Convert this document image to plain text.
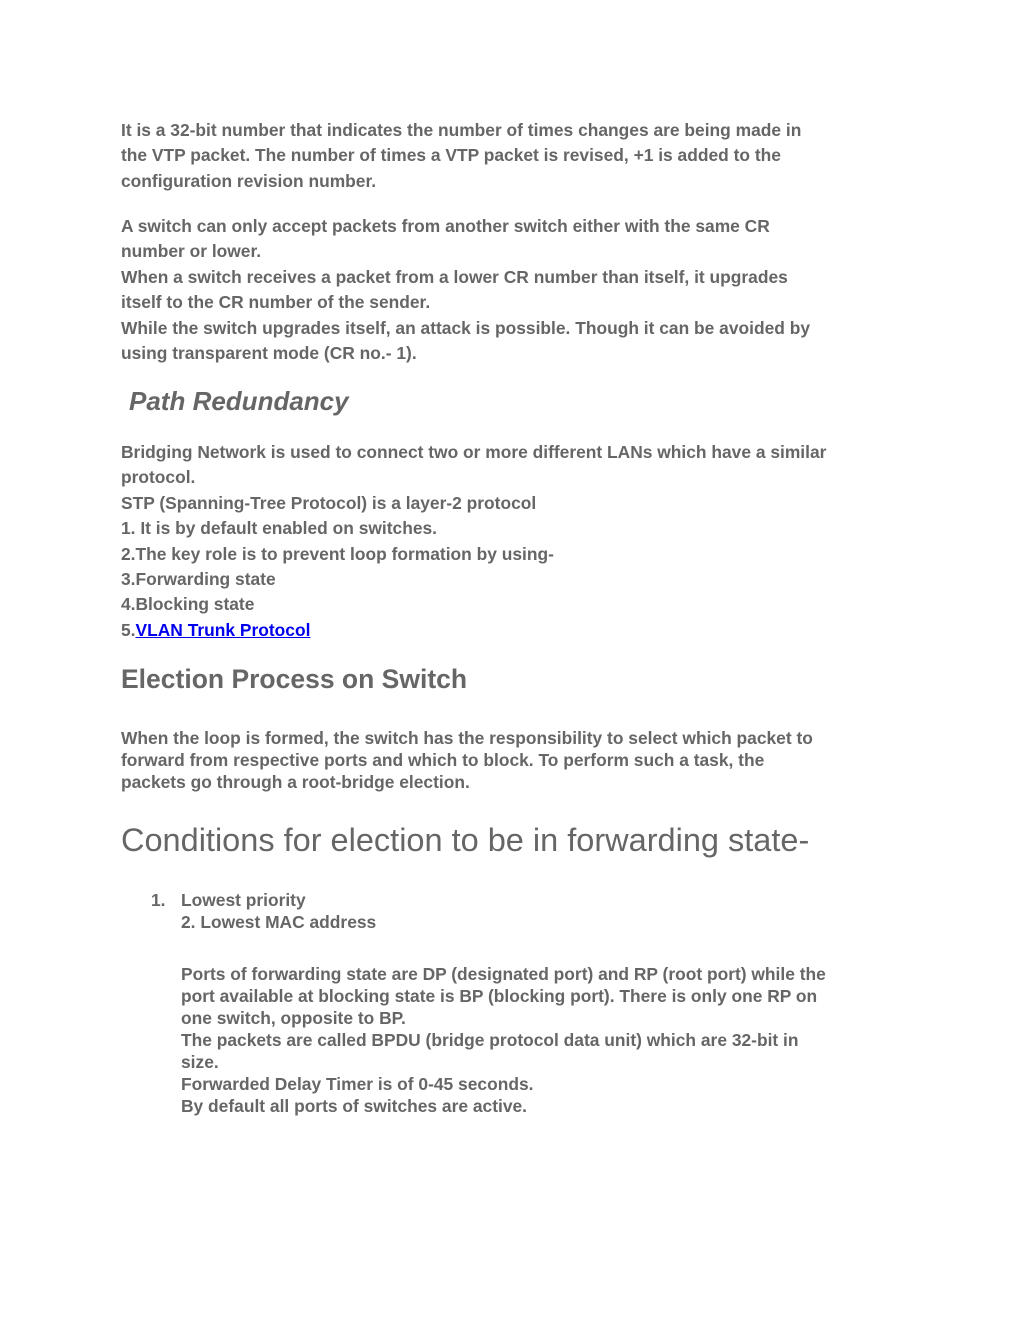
It is a 32-bit number that indicates the number of times changes are being made in
the VTP packet. The number of times a VTP packet is revised, +1 is added to the
configuration revision number.

A switch can only accept packets from another switch either with the same CR
number or lower.
When a switch receives a packet from a lower CR number than itself, it upgrades
itself to the CR number of the sender.
While the switch upgrades itself, an attack is possible. Though it can be avoided by
using transparent mode (CR no.- 1).

Path Redundancy

Bridging Network is used to connect two or more different LANs which have a similar
protocol.
STP (Spanning-Tree Protocol) is a layer-2 protocol
1. It is by default enabled on switches.
2.The key role is to prevent loop formation by using-
3.Forwarding state
4.Blocking state
5.VLAN Trunk Protocol

Election Process on Switch

When the loop is formed, the switch has the responsibility to select which packet to
forward from respective ports and which to block. To perform such a task, the
packets go through a root-bridge election.

Conditions for election to be in forwarding state-
1. Lowest priority
2. Lowest MAC address

Ports of forwarding state are DP (designated port) and RP (root port) while the
port available at blocking state is BP (blocking port). There is only one RP on
one switch, opposite to BP.
The packets are called BPDU (bridge protocol data unit) which are 32-bit in
size.
Forwarded Delay Timer is of 0-45 seconds.
By default all ports of switches are active.
